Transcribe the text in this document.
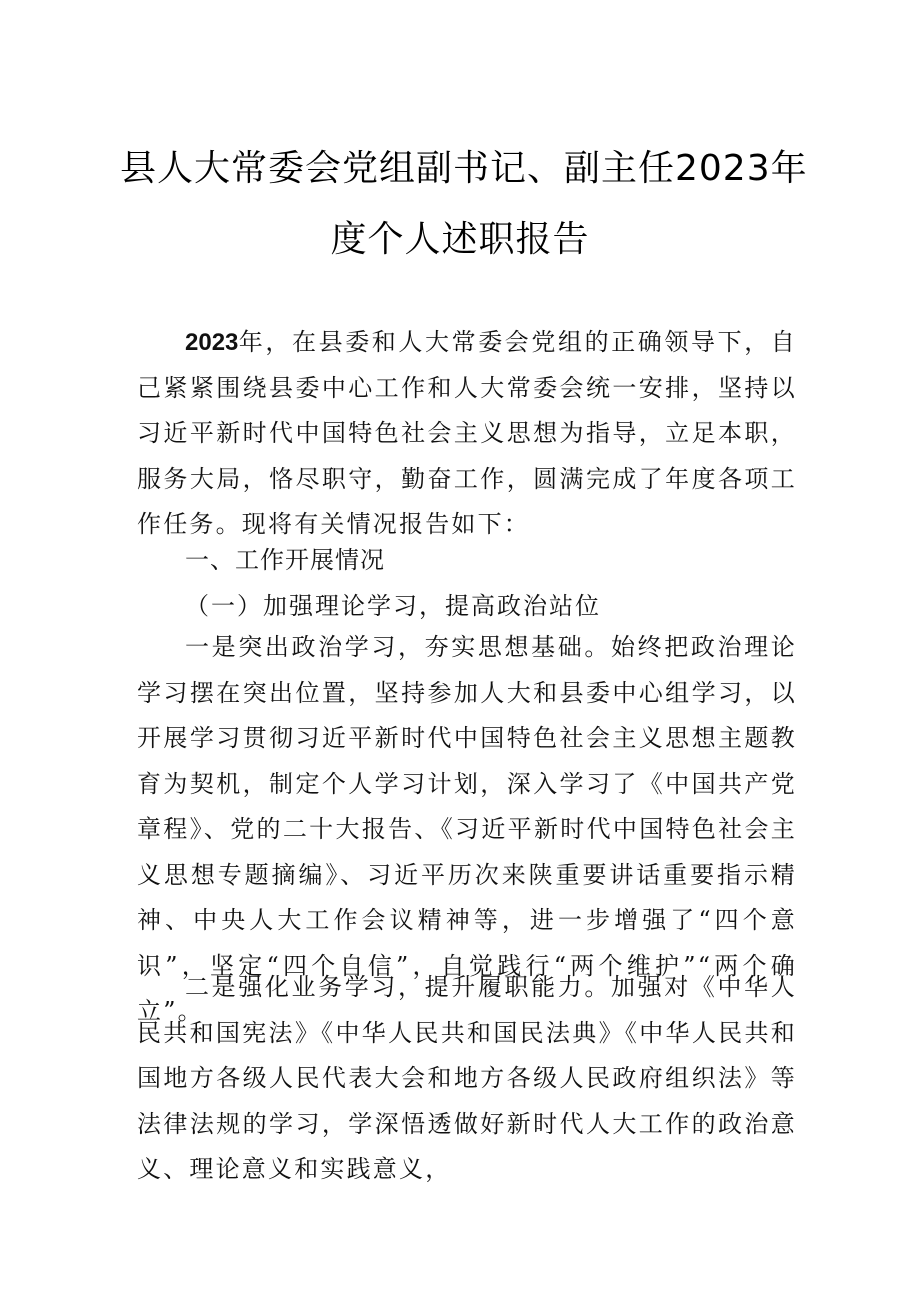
县人大常委会党组副书记、副主任2023年
度个人述职报告
2023年，在县委和人大常委会党组的正确领导下，自己紧紧围绕县委中心工作和人大常委会统一安排，坚持以习近平新时代中国特色社会主义思想为指导，立足本职，服务大局，恪尽职守，勤奋工作，圆满完成了年度各项工作任务。现将有关情况报告如下：
一、工作开展情况
（一）加强理论学习，提高政治站位
一是突出政治学习，夯实思想基础。始终把政治理论学习摆在突出位置，坚持参加人大和县委中心组学习，以开展学习贯彻习近平新时代中国特色社会主义思想主题教育为契机，制定个人学习计划，深入学习了《中国共产党章程》、党的二十大报告、《习近平新时代中国特色社会主义思想专题摘编》、习近平历次来陕重要讲话重要指示精神、中央人大工作会议精神等，进一步增强了“四个意识”，坚定“四个自信”，自觉践行“两个维护”“两个确立”。
二是强化业务学习，提升履职能力。加强对《中华人民共和国宪法》《中华人民共和国民法典》《中华人民共和国地方各级人民代表大会和地方各级人民政府组织法》等法律法规的学习，学深悟透做好新时代人大工作的政治意义、理论意义和实践意义，
